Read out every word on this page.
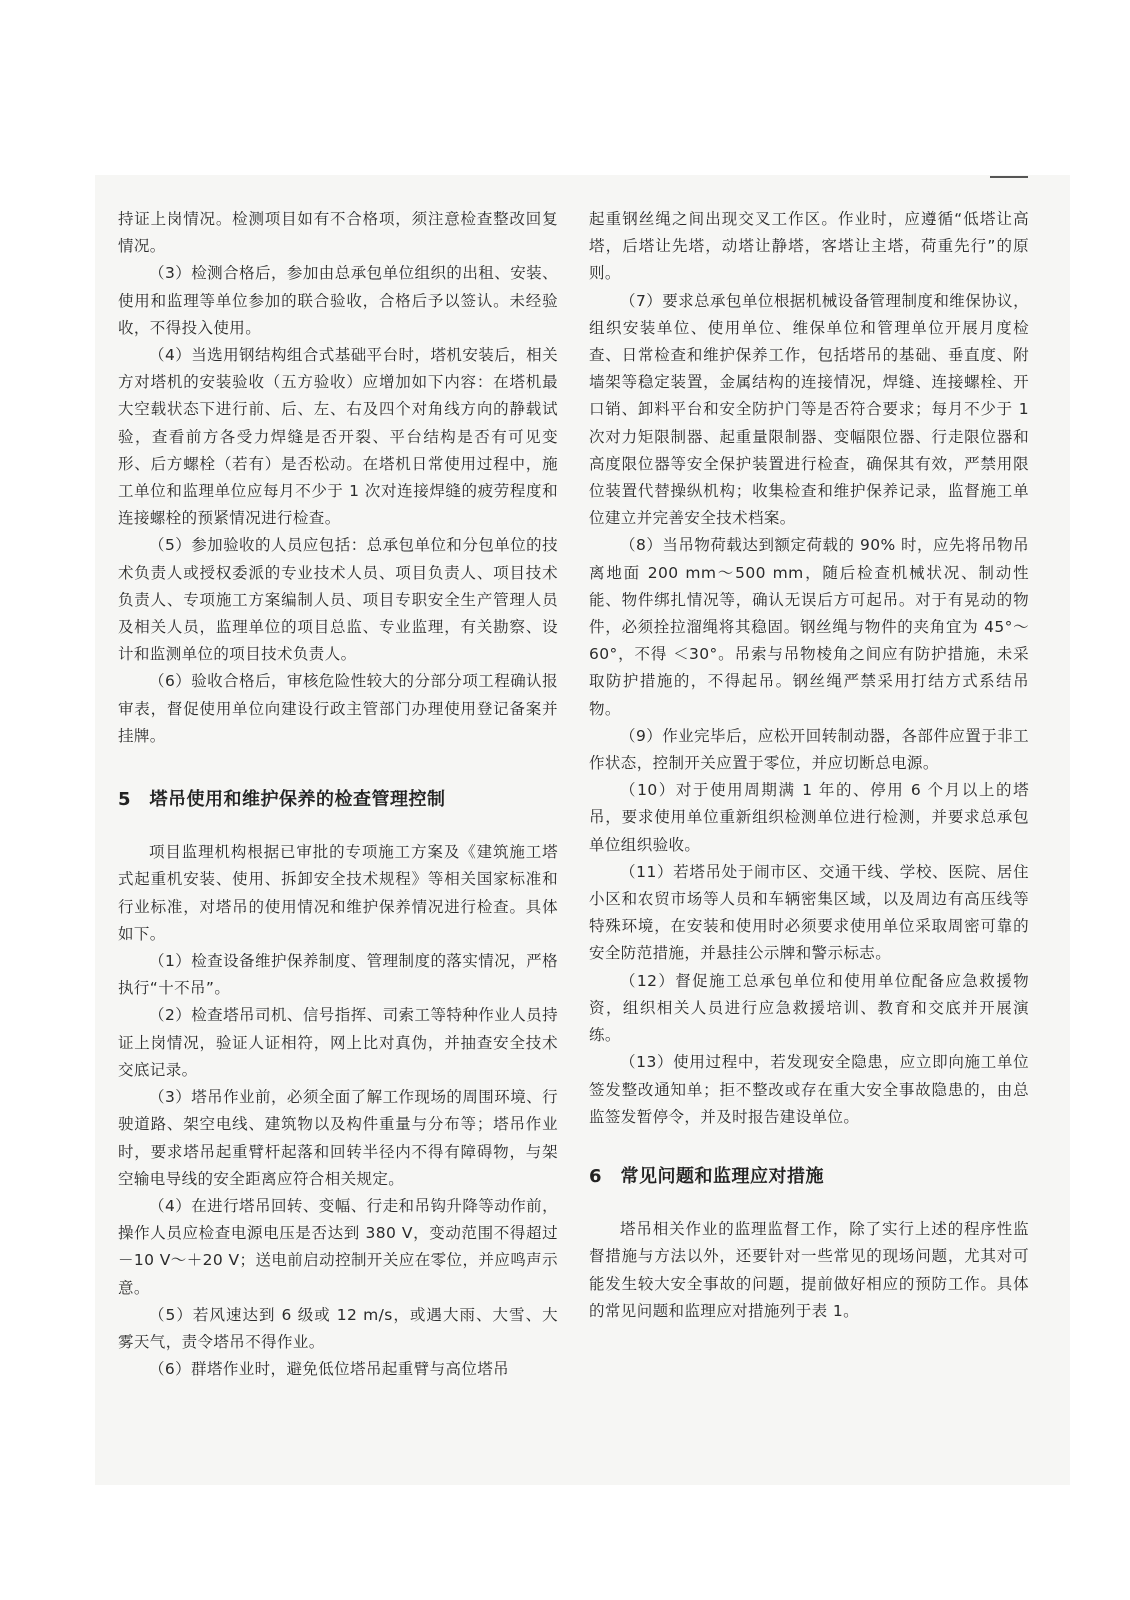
持证上岗情况。检测项目如有不合格项，须注意检查整改回复情况。

（3）检测合格后，参加由总承包单位组织的出租、安装、使用和监理等单位参加的联合验收，合格后予以签认。未经验收，不得投入使用。

（4）当选用钢结构组合式基础平台时，塔机安装后，相关方对塔机的安装验收（五方验收）应增加如下内容：在塔机最大空载状态下进行前、后、左、右及四个对角线方向的静载试验，查看前方各受力焊缝是否开裂、平台结构是否有可见变形、后方螺栓（若有）是否松动。在塔机日常使用过程中，施工单位和监理单位应每月不少于 1 次对连接焊缝的疲劳程度和连接螺栓的预紧情况进行检查。

（5）参加验收的人员应包括：总承包单位和分包单位的技术负责人或授权委派的专业技术人员、项目负责人、项目技术负责人、专项施工方案编制人员、项目专职安全生产管理人员及相关人员，监理单位的项目总监、专业监理，有关勘察、设计和监测单位的项目技术负责人。

（6）验收合格后，审核危险性较大的分部分项工程确认报审表，督促使用单位向建设行政主管部门办理使用登记备案并挂牌。

5　塔吊使用和维护保养的检查管理控制

项目监理机构根据已审批的专项施工方案及《建筑施工塔式起重机安装、使用、拆卸安全技术规程》等相关国家标准和行业标准，对塔吊的使用情况和维护保养情况进行检查。具体如下。

（1）检查设备维护保养制度、管理制度的落实情况，严格执行“十不吊”。

（2）检查塔吊司机、信号指挥、司索工等特种作业人员持证上岗情况，验证人证相符，网上比对真伪，并抽查安全技术交底记录。

（3）塔吊作业前，必须全面了解工作现场的周围环境、行驶道路、架空电线、建筑物以及构件重量与分布等；塔吊作业时，要求塔吊起重臂杆起落和回转半径内不得有障碍物，与架空输电导线的安全距离应符合相关规定。

（4）在进行塔吊回转、变幅、行走和吊钩升降等动作前，操作人员应检查电源电压是否达到 380 V，变动范围不得超过 －10 V～＋20 V；送电前启动控制开关应在零位，并应鸣声示意。

（5）若风速达到 6 级或 12 m/s，或遇大雨、大雪、大雾天气，责令塔吊不得作业。

（6）群塔作业时，避免低位塔吊起重臂与高位塔吊

起重钢丝绳之间出现交叉工作区。作业时，应遵循“低塔让高塔，后塔让先塔，动塔让静塔，客塔让主塔，荷重先行”的原则。

（7）要求总承包单位根据机械设备管理制度和维保协议，组织安装单位、使用单位、维保单位和管理单位开展月度检查、日常检查和维护保养工作，包括塔吊的基础、垂直度、附墙架等稳定装置，金属结构的连接情况，焊缝、连接螺栓、开口销、卸料平台和安全防护门等是否符合要求；每月不少于 1 次对力矩限制器、起重量限制器、变幅限位器、行走限位器和高度限位器等安全保护装置进行检查，确保其有效，严禁用限位装置代替操纵机构；收集检查和维护保养记录，监督施工单位建立并完善安全技术档案。

（8）当吊物荷载达到额定荷载的 90% 时，应先将吊物吊离地面 200 mm～500 mm，随后检查机械状况、制动性能、物件绑扎情况等，确认无误后方可起吊。对于有晃动的物件，必须拴拉溜绳将其稳固。钢丝绳与物件的夹角宜为 45°～60°，不得 ＜30°。吊索与吊物棱角之间应有防护措施，未采取防护措施的，不得起吊。钢丝绳严禁采用打结方式系结吊物。

（9）作业完毕后，应松开回转制动器，各部件应置于非工作状态，控制开关应置于零位，并应切断总电源。

（10）对于使用周期满 1 年的、停用 6 个月以上的塔吊，要求使用单位重新组织检测单位进行检测，并要求总承包单位组织验收。

（11）若塔吊处于闹市区、交通干线、学校、医院、居住小区和农贸市场等人员和车辆密集区域，以及周边有高压线等特殊环境，在安装和使用时必须要求使用单位采取周密可靠的安全防范措施，并悬挂公示牌和警示标志。

（12）督促施工总承包单位和使用单位配备应急救援物资，组织相关人员进行应急救援培训、教育和交底并开展演练。

（13）使用过程中，若发现安全隐患，应立即向施工单位签发整改通知单；拒不整改或存在重大安全事故隐患的，由总监签发暂停令，并及时报告建设单位。

6　常见问题和监理应对措施

塔吊相关作业的监理监督工作，除了实行上述的程序性监督措施与方法以外，还要针对一些常见的现场问题，尤其对可能发生较大安全事故的问题，提前做好相应的预防工作。具体的常见问题和监理应对措施列于表 1。
